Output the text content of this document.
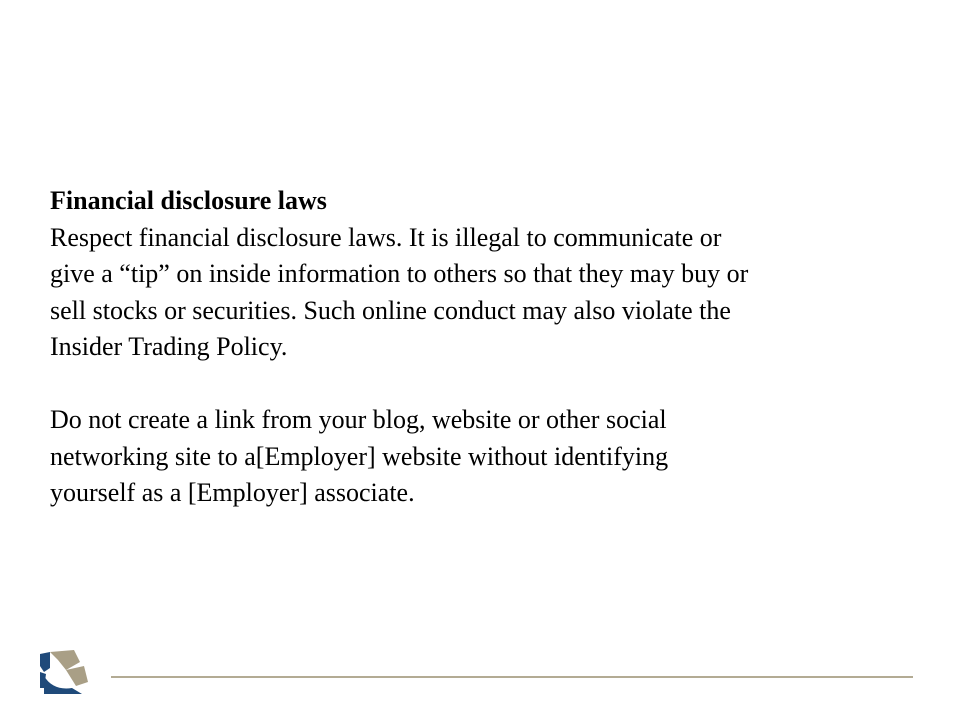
Financial disclosure laws
Respect financial disclosure laws. It is illegal to communicate or
give a “tip” on inside information to others so that they may buy or
sell stocks or securities. Such online conduct may also violate the
Insider Trading Policy.
Do not create a link from your blog, website or other social
networking site to a[Employer] website without identifying
yourself as a [Employer] associate.
